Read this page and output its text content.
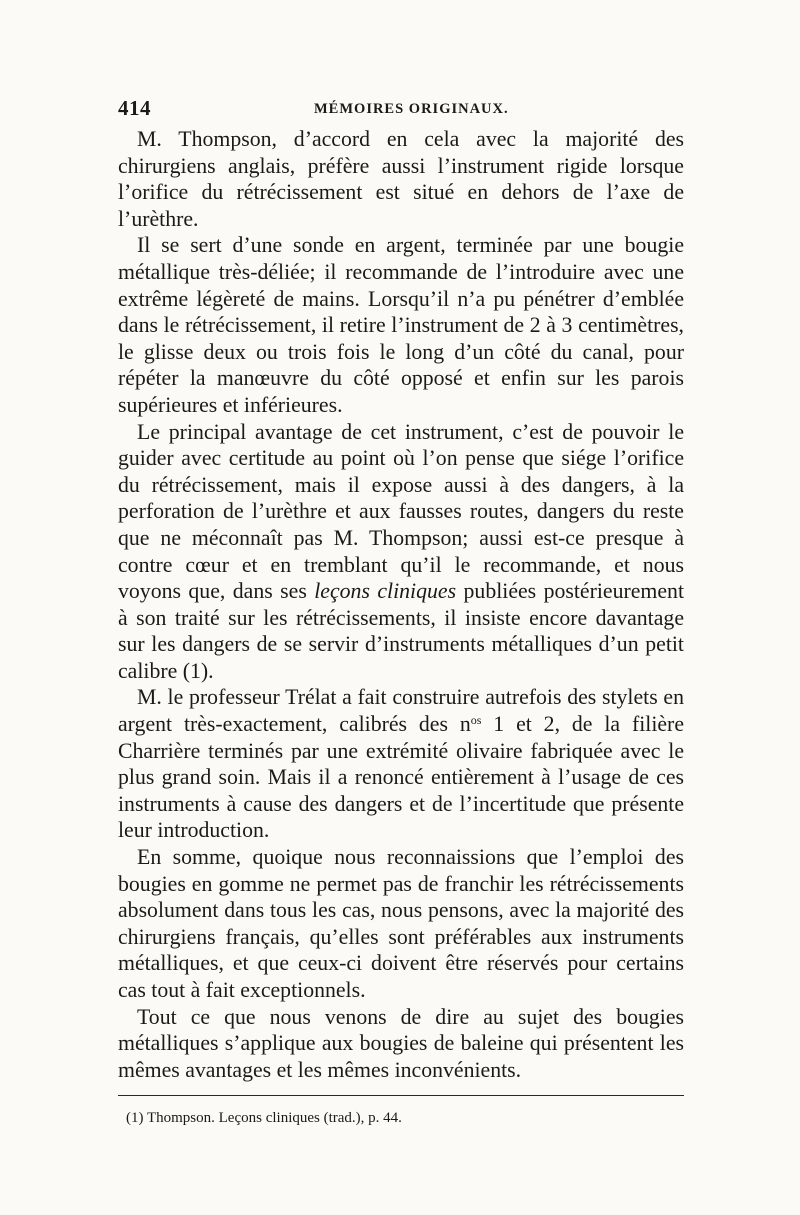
414	MÉMOIRES ORIGINAUX.

M. Thompson, d’accord en cela avec la majorité des chirurgiens anglais, préfère aussi l’instrument rigide lorsque l’orifice du rétrécissement est situé en dehors de l’axe de l’urèthre.

Il se sert d’une sonde en argent, terminée par une bougie métallique très-déliée; il recommande de l’introduire avec une extrême légèreté de mains. Lorsqu’il n’a pu pénétrer d’emblée dans le rétrécissement, il retire l’instrument de 2 à 3 centimètres, le glisse deux ou trois fois le long d’un côté du canal, pour répéter la manœuvre du côté opposé et enfin sur les parois supérieures et inférieures.

Le principal avantage de cet instrument, c’est de pouvoir le guider avec certitude au point où l’on pense que siége l’orifice du rétrécissement, mais il expose aussi à des dangers, à la perforation de l’urèthre et aux fausses routes, dangers du reste que ne méconnaît pas M. Thompson; aussi est-ce presque à contre cœur et en tremblant qu’il le recommande, et nous voyons que, dans ses leçons cliniques publiées postérieurement à son traité sur les rétrécissements, il insiste encore davantage sur les dangers de se servir d’instruments métalliques d’un petit calibre (1).

M. le professeur Trélat a fait construire autrefois des stylets en argent très-exactement, calibrés des $n^{os}$ 1 et 2, de la filière Charrière terminés par une extrémité olivaire fabriquée avec le plus grand soin. Mais il a renoncé entièrement à l’usage de ces instruments à cause des dangers et de l’incertitude que présente leur introduction.

En somme, quoique nous reconnaissions que l’emploi des bougies en gomme ne permet pas de franchir les rétrécissements absolument dans tous les cas, nous pensons, avec la majorité des chirurgiens français, qu’elles sont préférables aux instruments métalliques, et que ceux-ci doivent être réservés pour certains cas tout à fait exceptionnels.

Tout ce que nous venons de dire au sujet des bougies métalliques s’applique aux bougies de baleine qui présentent les mêmes avantages et les mêmes inconvénients.

(1) Thompson. Leçons cliniques (trad.), p. 44.
